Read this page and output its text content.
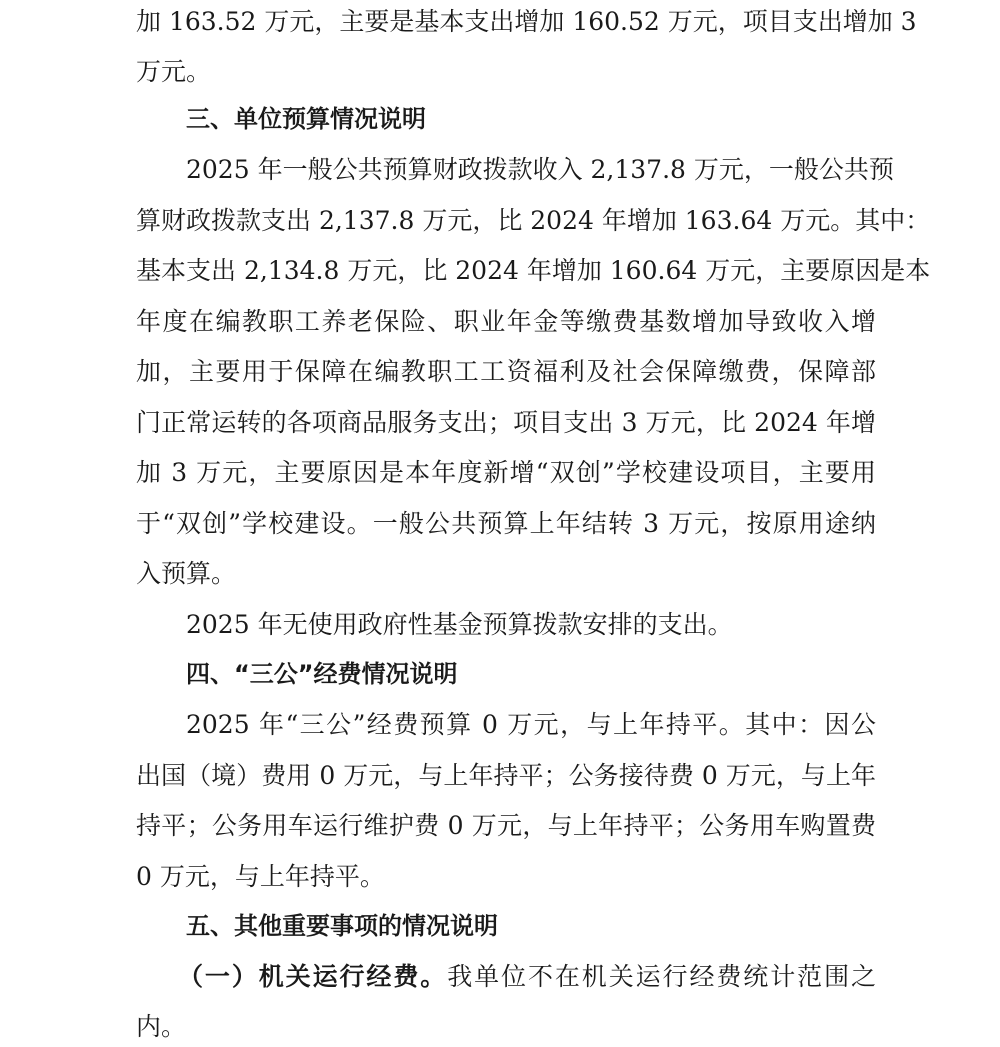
加 163.52 万元，主要是基本支出增加 160.52 万元，项目支出增加 3
万元。
三、单位预算情况说明
2025 年一般公共预算财政拨款收入 2,137.8 万元，一般公共预
算财政拨款支出 2,137.8 万元，比 2024 年增加 163.64 万元。其中：
基本支出 2,134.8 万元，比 2024 年增加 160.64 万元，主要原因是本
年度在编教职工养老保险、职业年金等缴费基数增加导致收入增
加，主要用于保障在编教职工工资福利及社会保障缴费，保障部
门正常运转的各项商品服务支出；项目支出 3 万元，比 2024 年增
加 3 万元，主要原因是本年度新增“双创”学校建设项目，主要用
于“双创”学校建设。一般公共预算上年结转 3 万元，按原用途纳
入预算。
2025 年无使用政府性基金预算拨款安排的支出。
四、“三公”经费情况说明
2025 年“三公”经费预算 0 万元，与上年持平。其中：因公
出国（境）费用 0 万元，与上年持平；公务接待费 0 万元，与上年
持平；公务用车运行维护费 0 万元，与上年持平；公务用车购置费
0 万元，与上年持平。
五、其他重要事项的情况说明
（一）机关运行经费。我单位不在机关运行经费统计范围之
内。
